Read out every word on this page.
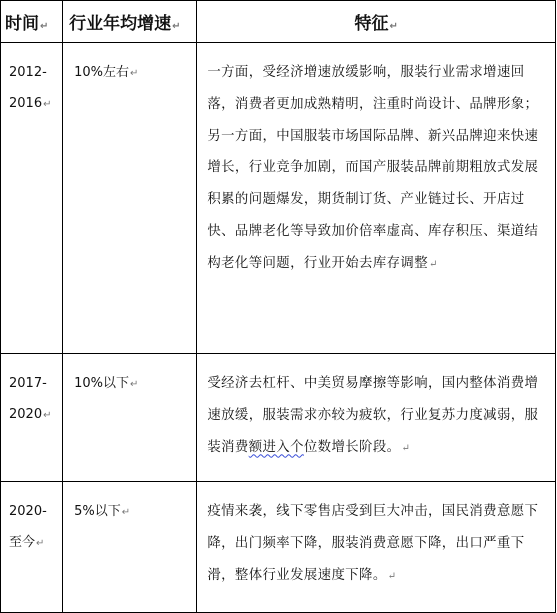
时间↵	行业年均增速↵	特征↵
2012-
2016↵	10%左右↵	一方面，受经济增速放缓影响，服装行业需求增速回落，消费者更加成熟精明，注重时尚设计、品牌形象；另一方面，中国服装市场国际品牌、新兴品牌迎来快速增长，行业竞争加剧，而国产服装品牌前期粗放式发展积累的问题爆发，期货制订货、产业链过长、开店过快、品牌老化等导致加价倍率虚高、库存积压、渠道结构老化等问题，行业开始去库存调整↵
2017-
2020↵	10%以下↵	受经济去杠杆、中美贸易摩擦等影响，国内整体消费增速放缓，服装需求亦较为疲软，行业复苏力度减弱，服装消费额进入个位数增长阶段。↵
2020-
至今↵	5%以下↵	疫情来袭，线下零售店受到巨大冲击，国民消费意愿下降，出门频率下降，服装消费意愿下降，出口严重下滑，整体行业发展速度下降。↵
